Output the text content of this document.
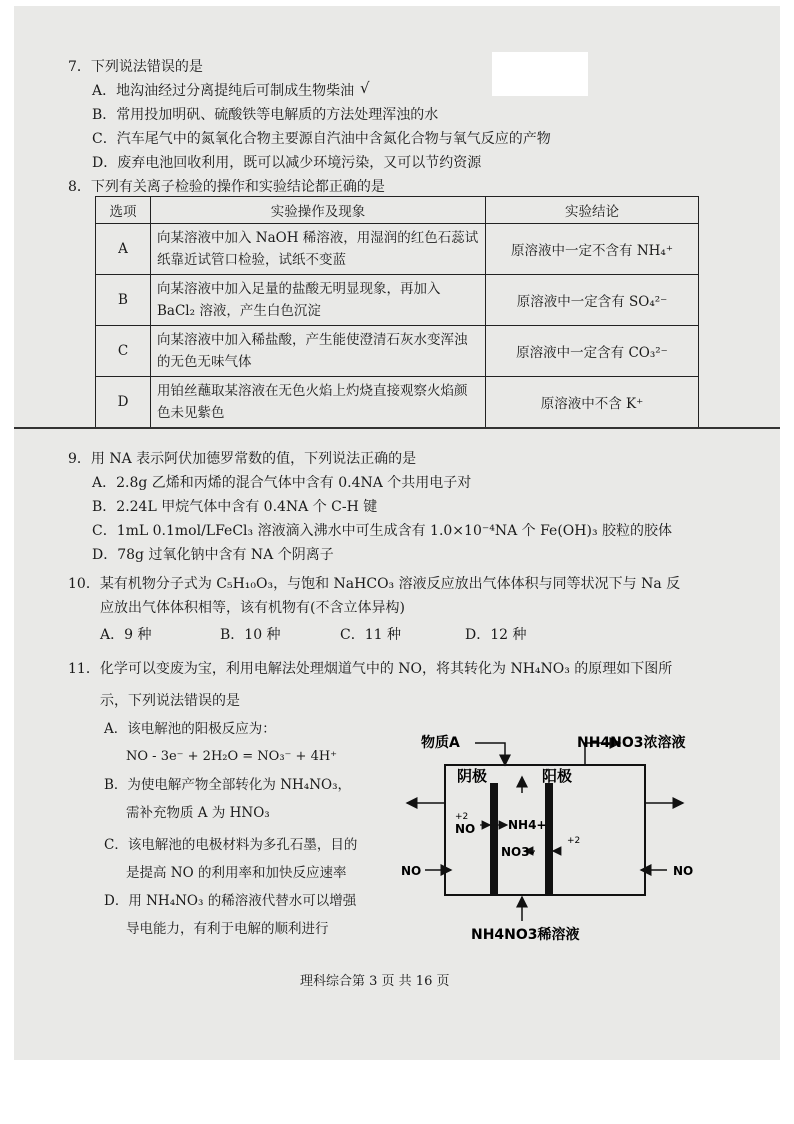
7．下列说法错误的是
A．地沟油经过分离提纯后可制成生物柴油 √
B．常用投加明矾、硫酸铁等电解质的方法处理浑浊的水
C．汽车尾气中的氮氧化合物主要源自汽油中含氮化合物与氧气反应的产物
D．废弃电池回收利用，既可以减少环境污染，又可以节约资源
8．下列有关离子检验的操作和实验结论都正确的是
选项	实验操作及现象	实验结论
A	向某溶液中加入 NaOH 稀溶液，用湿润的红色石蕊试纸靠近试管口检验，试纸不变蓝	原溶液中一定不含有 NH₄⁺
B	向某溶液中加入足量的盐酸无明显现象，再加入 BaCl₂ 溶液，产生白色沉淀	原溶液中一定含有 SO₄²⁻
C	向某溶液中加入稀盐酸，产生能使澄清石灰水变浑浊的无色无味气体	原溶液中一定含有 CO₃²⁻
D	用铂丝蘸取某溶液在无色火焰上灼烧直接观察火焰颜色未见紫色	原溶液中不含 K⁺
9．用 NA 表示阿伏加德罗常数的值，下列说法正确的是
A．2.8g 乙烯和丙烯的混合气体中含有 0.4NA 个共用电子对
B．2.24L 甲烷气体中含有 0.4NA 个 C-H 键
C．1mL 0.1mol/LFeCl₃ 溶液滴入沸水中可生成含有 1.0×10⁻⁴NA 个 Fe(OH)₃ 胶粒的胶体
D．78g 过氧化钠中含有 NA 个阴离子
10．某有机物分子式为 C₅H₁₀O₃，与饱和 NaHCO₃ 溶液反应放出气体体积与同等状况下与 Na 反
应放出气体体积相等，该有机物有(不含立体异构)
A．9 种	B．10 种	C．11 种	D．12 种
11．化学可以变废为宝，利用电解法处理烟道气中的 NO，将其转化为 NH₄NO₃ 的原理如下图所
示，下列说法错误的是
A．该电解池的阳极反应为：
NO - 3e⁻ + 2H₂O = NO₃⁻ + 4H⁺
B．为使电解产物全部转化为 NH₄NO₃，
需补充物质 A 为 HNO₃
C．该电解池的电极材料为多孔石墨，目的
是提高 NO 的利用率和加快反应速率
D．用 NH₄NO₃ 的稀溶液代替水可以增强
导电能力，有利于电解的顺利进行
物质A	NH4NO3浓溶液
阴极	阳极
+2
NO	NH4+
NO3-
+2
NO	NO
NH4NO3稀溶液
理科综合第 3 页 共 16 页
